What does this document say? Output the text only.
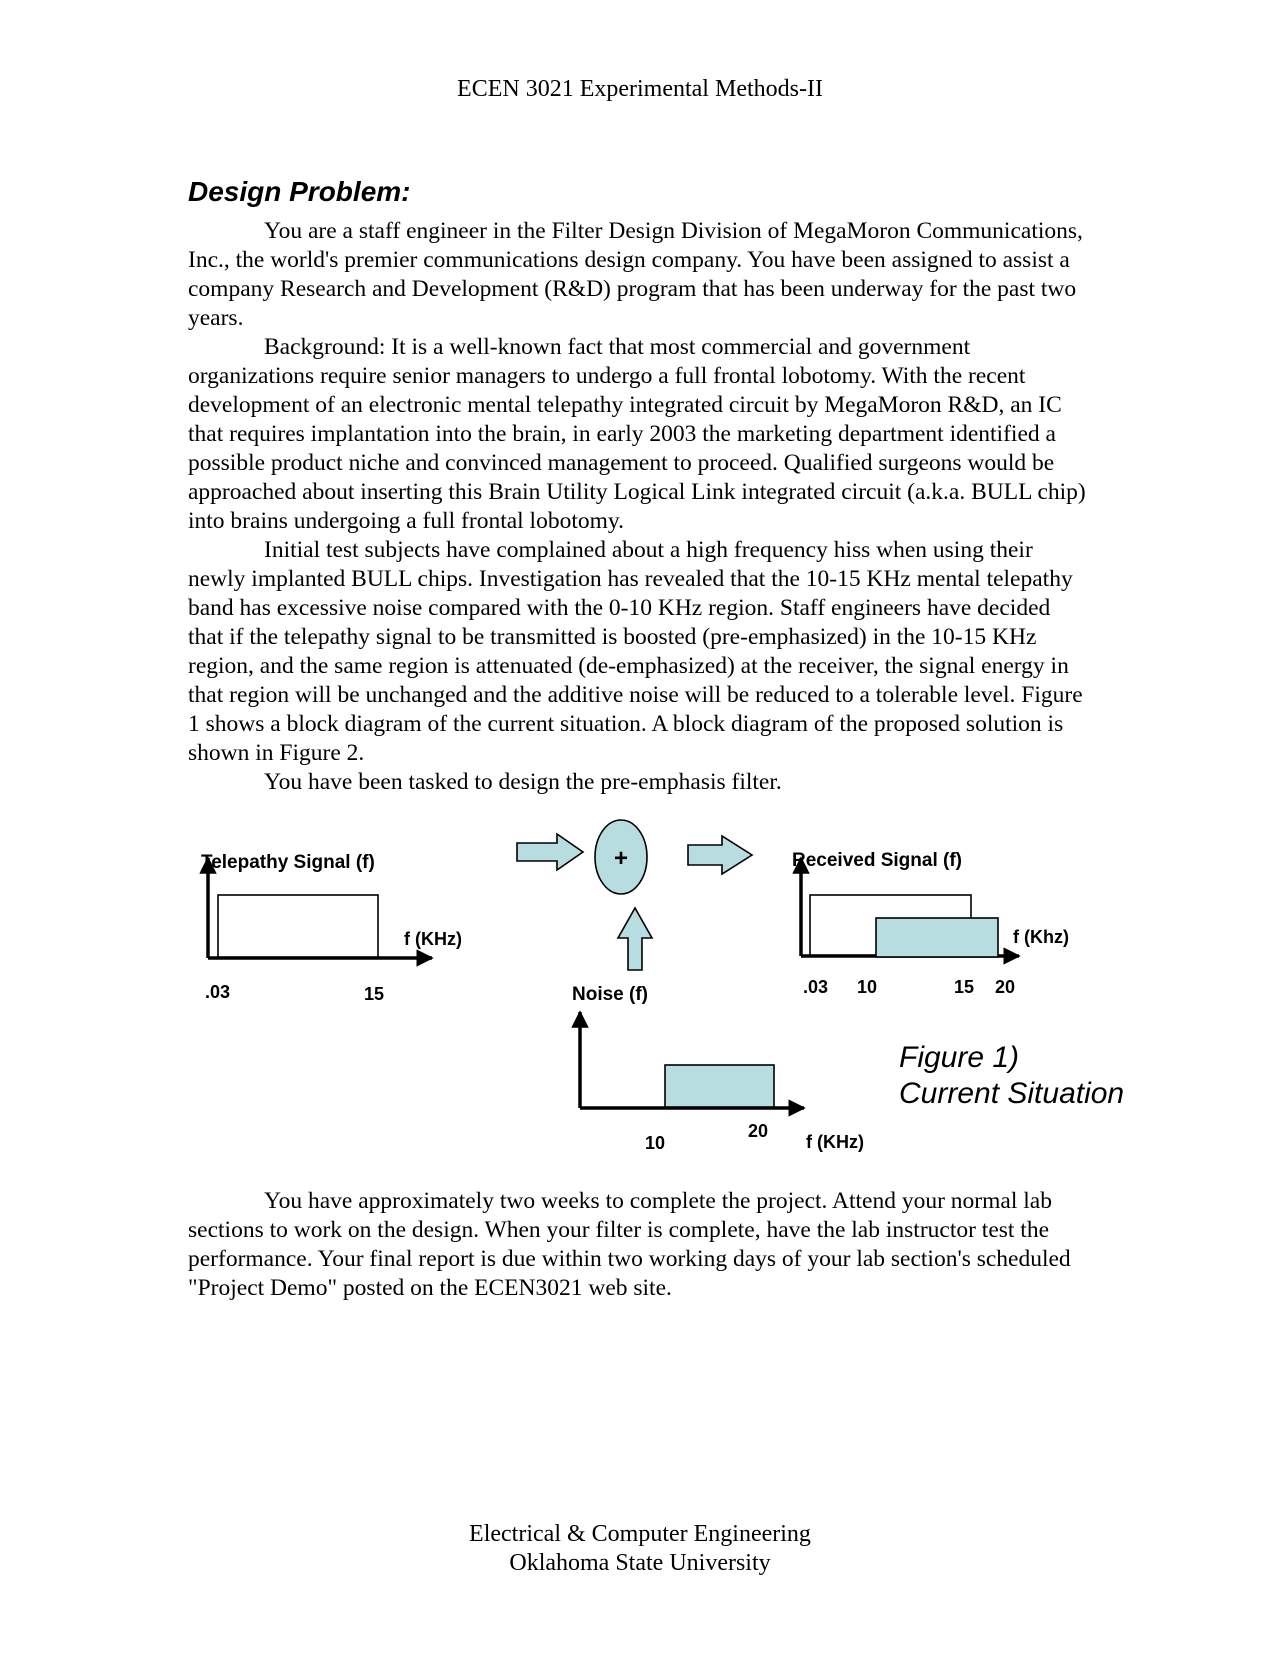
ECEN 3021 Experimental Methods-II
Design Problem:

You are a staff engineer in the Filter Design Division of MegaMoron Communications, Inc., the world's premier communications design company. You have been assigned to assist a company Research and Development (R&D) program that has been underway for the past two years.

Background: It is a well-known fact that most commercial and government organizations require senior managers to undergo a full frontal lobotomy. With the recent development of an electronic mental telepathy integrated circuit by MegaMoron R&D, an IC that requires implantation into the brain, in early 2003 the marketing department identified a possible product niche and convinced management to proceed. Qualified surgeons would be approached about inserting this Brain Utility Logical Link integrated circuit (a.k.a. BULL chip) into brains undergoing a full frontal lobotomy.

Initial test subjects have complained about a high frequency hiss when using their newly implanted BULL chips. Investigation has revealed that the 10-15 KHz mental telepathy band has excessive noise compared with the 0-10 KHz region. Staff engineers have decided that if the telepathy signal to be transmitted is boosted (pre-emphasized) in the 10-15 KHz region, and the same region is attenuated (de-emphasized) at the receiver, the signal energy in that region will be unchanged and the additive noise will be reduced to a tolerable level. Figure 1 shows a block diagram of the current situation. A block diagram of the proposed solution is shown in Figure 2.

You have been tasked to design the pre-emphasis filter.

Telepathy Signal (f)
f (KHz)
.03	15
+	Received Signal (f)
f (Khz)
.03 10	15 20
Noise (f)
10
20
f (KHz)
Figure 1)
Current Situation

You have approximately two weeks to complete the project. Attend your normal lab sections to work on the design. When your filter is complete, have the lab instructor test the performance. Your final report is due within two working days of your lab section's scheduled "Project Demo" posted on the ECEN3021 web site.

Electrical & Computer Engineering
Oklahoma State University
